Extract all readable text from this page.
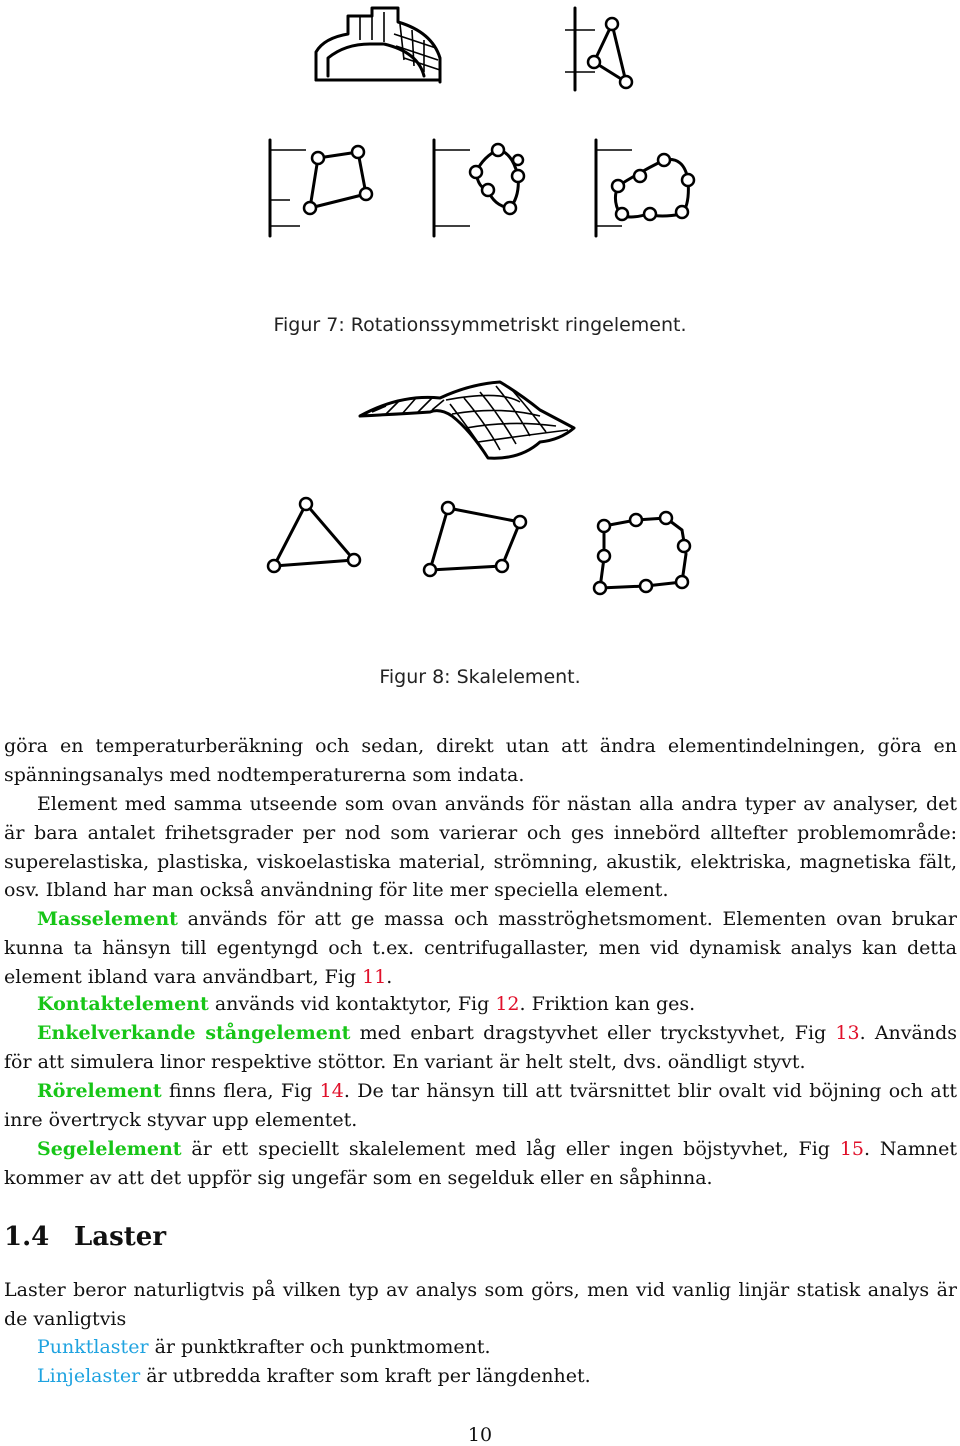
Figur 7: Rotationssymmetriskt ringelement.
Figur 8: Skalelement.

göra en temperaturberäkning och sedan, direkt utan att ändra elementindelningen, göra en spänningsanalys med nodtemperaturerna som indata.

Element med samma utseende som ovan används för nästan alla andra typer av analyser, det är bara antalet frihetsgrader per nod som varierar och ges innebörd alltefter problemområde: superelastiska, plastiska, viskoelastiska material, strömning, akustik, elektriska, magnetiska fält, osv. Ibland har man också användning för lite mer speciella element.

Masselement används för att ge massa och masströghetsmoment. Elementen ovan brukar kunna ta hänsyn till egentyngd och t.ex. centrifugallaster, men vid dynamisk analys kan detta element ibland vara användbart, Fig 11.

Kontaktelement används vid kontaktytor, Fig 12. Friktion kan ges.

Enkelverkande stångelement med enbart dragstyvhet eller tryckstyvhet, Fig 13. Används för att simulera linor respektive stöttor. En variant är helt stelt, dvs. oändligt styvt.

Rörelement finns flera, Fig 14. De tar hänsyn till att tvärsnittet blir ovalt vid böjning och att inre övertryck styvar upp elementet.

Segelelement är ett speciellt skalelement med låg eller ingen böjstyvhet, Fig 15. Namnet kommer av att det uppför sig ungefär som en segelduk eller en såphinna.

1.4 Laster

Laster beror naturligtvis på vilken typ av analys som görs, men vid vanlig linjär statisk analys är de vanligtvis

Punktlaster är punktkrafter och punktmoment.

Linjelaster är utbredda krafter som kraft per längdenhet.

10
